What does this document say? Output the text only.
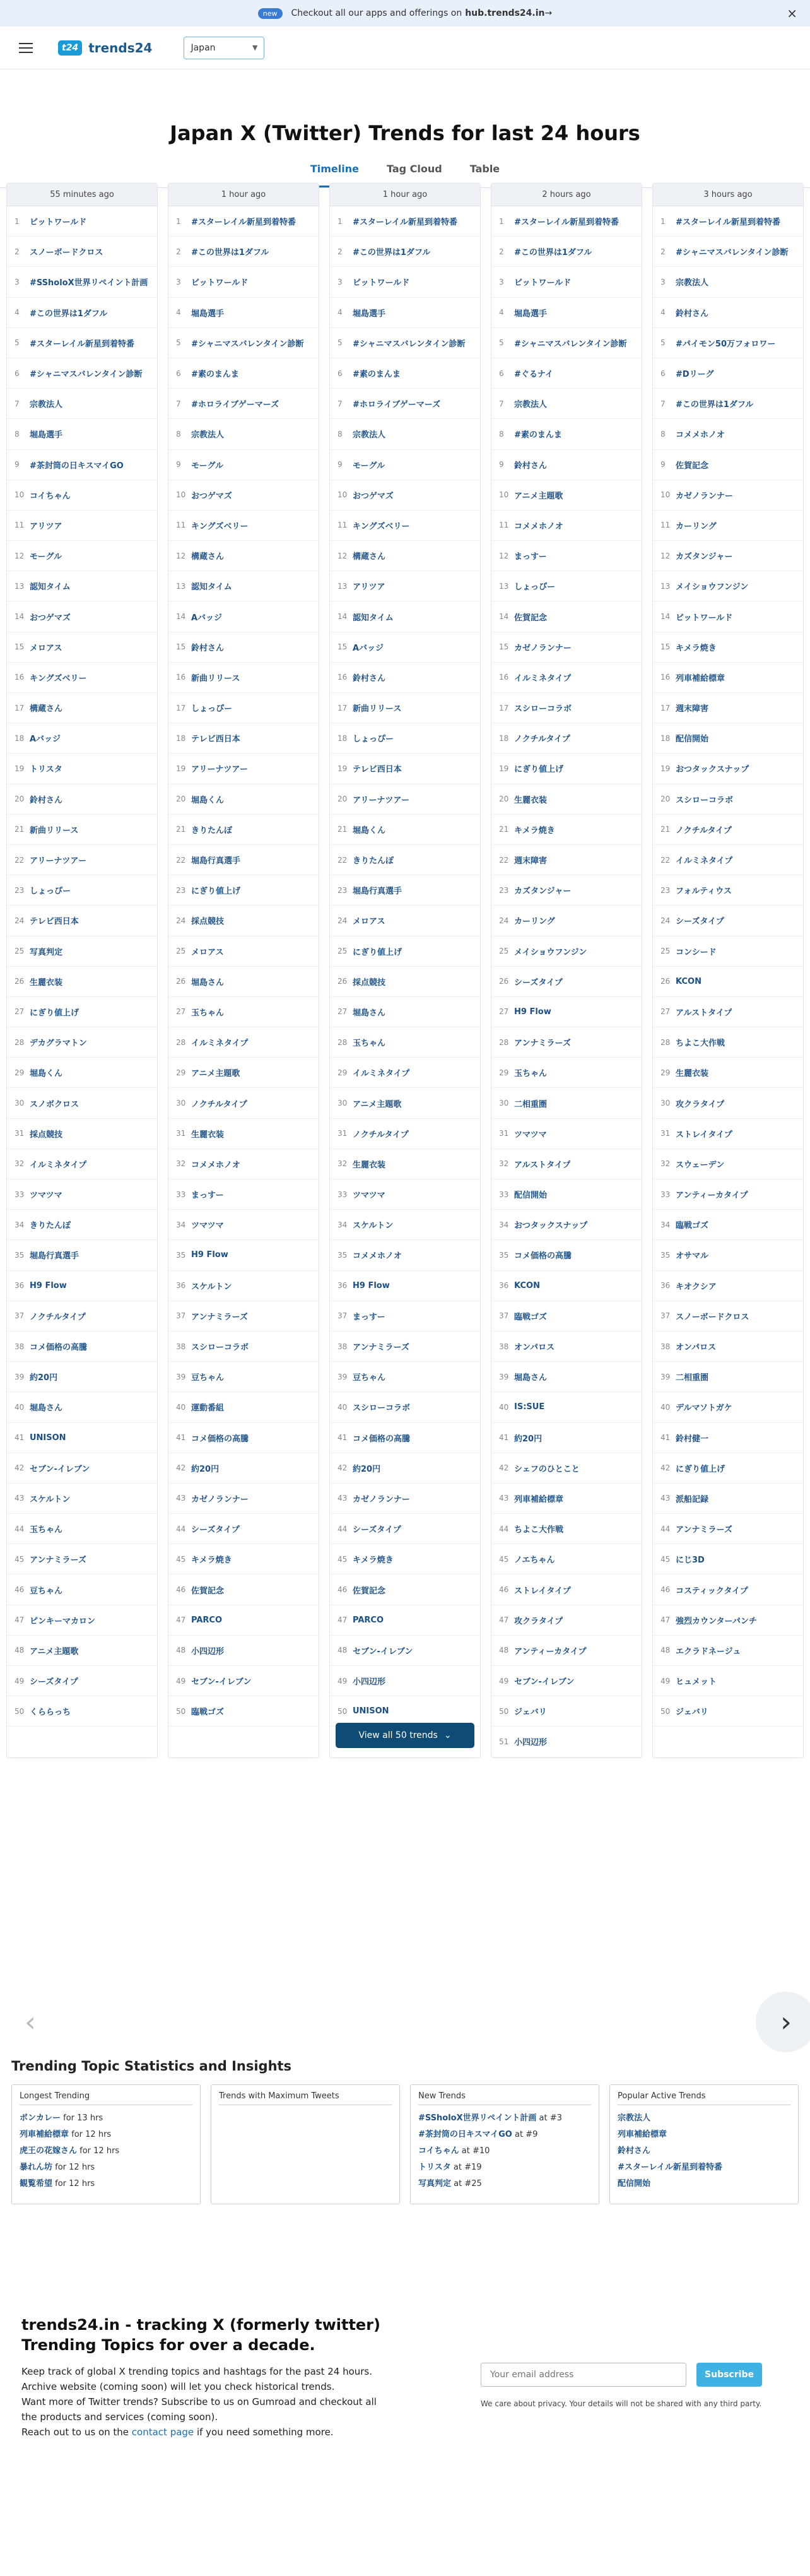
new	Checkout all our apps and offerings on hub.trends24.in →	×
t24 trends24	Japan	▼
Japan X (Twitter) Trends for last 24 hours
Timeline	Tag Cloud	Table
55 minutes ago
1	ビットワールド
2	スノーボードクロス
3	#SSholoX世界リペイント計画
4	#この世界は1ダフル
5	#スターレイル新星到着特番
6	#シャニマスバレンタイン診断
7	宗教法人
8	堀島選手
9	#茶封筒の日キスマイGO
10 コイちゃん
11 アリツア
12 モーグル
13 認知タイム
14 おつゲマズ
15 メロアス
16 キングズベリー
17 構蔵さん
18 Aバッジ
19 トリスタ
20 鈴村さん
21 新曲リリース
22 アリーナツアー
23 しょっぴー
24 テレビ西日本
25 写真判定
26 生麗衣装
27 にぎり値上げ
28 デカグラマトン
29 堀島くん
30 スノボクロス
31 採点競技
32 イルミネタイプ
33 ツマツマ
34 きりたんぽ
35 堀島行真選手
36 H9 Flow
37 ノクチルタイプ
38 コメ価格の高騰
39 約20円
40 堀島さん
41 UNISON
42 セブン-イレブン
43 スケルトン
44 玉ちゃん
45 アンナミラーズ
46 豆ちゃん
47 ピンキーマカロン
48 アニメ主題歌
49 シーズタイプ
50 くららっち
1 hour ago
1	#スターレイル新星到着特番
2	#この世界は1ダフル
3	ビットワールド
4	堀島選手
5	#シャニマスバレンタイン診断
6	#素のまんま
7	#ホロライブゲーマーズ
8	宗教法人
9	モーグル
10 おつゲマズ
11 キングズベリー
12 構蔵さん
13 認知タイム
14 Aバッジ
15 鈴村さん
16 新曲リリース
17 しょっぴー
18 テレビ西日本
19 アリーナツアー
20 堀島くん
21 きりたんぽ
22 堀島行真選手
23 にぎり値上げ
24 採点競技
25 メロアス
26 堀島さん
27 玉ちゃん
28 イルミネタイプ
29 アニメ主題歌
30 ノクチルタイプ
31 生麗衣装
32 コメメホノオ
33 まっすー
34 ツマツマ
35 H9 Flow
36 スケルトン
37 アンナミラーズ
38 スシローコラボ
39 豆ちゃん
40 運動番組
41 コメ価格の高騰
42 約20円
43 カゼノランナー
44 シーズタイプ
45 キメラ焼き
46 佐賀記念
47 PARCO
48 小四辺形
49 セブン-イレブン
50 臨戦ゴズ
1 hour ago
1	#スターレイル新星到着特番
2	#この世界は1ダフル
3	ビットワールド
4	堀島選手
5	#シャニマスバレンタイン診断
6	#素のまんま
7	#ホロライブゲーマーズ
8	宗教法人
9	モーグル
10 おつゲマズ
11 キングズベリー
12 構蔵さん
13 アリツア
14 認知タイム
15 Aバッジ
16 鈴村さん
17 新曲リリース
18 しょっぴー
19 テレビ西日本
20 アリーナツアー
21 堀島くん
22 きりたんぽ
23 堀島行真選手
24 メロアス
25 にぎり値上げ
26 採点競技
27 堀島さん
28 玉ちゃん
29 イルミネタイプ
30 アニメ主題歌
31 ノクチルタイプ
32 生麗衣装
33 ツマツマ
34 スケルトン
35 コメメホノオ
36 H9 Flow
37 まっすー
38 アンナミラーズ
39 豆ちゃん
40 スシローコラボ
41 コメ価格の高騰
42 約20円
43 カゼノランナー
44 シーズタイプ
45 キメラ焼き
46 佐賀記念
47 PARCO
48 セブン-イレブン
49 小四辺形
50 UNISON
2 hours ago
1	#スターレイル新星到着特番
2	#この世界は1ダフル
3	ビットワールド
4	堀島選手
5	#シャニマスバレンタイン診断
6	#ぐるナイ
7	宗教法人
8	#素のまんま
9	鈴村さん
10 アニメ主題歌
11 コメメホノオ
12 まっすー
13 しょっぴー
14 佐賀記念
15 カゼノランナー
16 イルミネタイプ
17 スシローコラボ
18 ノクチルタイプ
19 にぎり値上げ
20 生麗衣装
21 キメラ焼き
22 週末障害
23 カズタンジャー
24 カーリング
25 メイショウフンジン
26 シーズタイプ
27 H9 Flow
28 アンナミラーズ
29 玉ちゃん
30 二相重圏
31 ツマツマ
32 アルストタイプ
33 配信開始
34 おつタックスナップ
35 コメ価格の高騰
36 KCON
37 臨戦ゴズ
38 オンパロス
39 堀島さん
40 IS:SUE
41 約20円
42 シェフのひとこと
43 列車補給標章
44 ちよこ大作戦
45 ノエちゃん
46 ストレイタイプ
47 攻クラタイプ
48 アンティーカタイプ
49 セブン-イレブン
50 ジェバリ
51 小四辺形
3 hours ago
1	#スターレイル新星到着特番
2	#シャニマスバレンタイン診断
3	宗教法人
4	鈴村さん
5	#パイモン50万フォロワー
6	#Dリーグ
7	#この世界は1ダフル
8	コメメホノオ
9	佐賀記念
10 カゼノランナー
11 カーリング
12 カズタンジャー
13 メイショウフンジン
14 ビットワールド
15 キメラ焼き
16 列車補給標章
17 週末障害
18 配信開始
19 おつタックスナップ
20 スシローコラボ
21 ノクチルタイプ
22 イルミネタイプ
23 フォルティウス
24 シーズタイプ
25 コンシード
26 KCON
27 アルストタイプ
28 ちよこ大作戦
29 生麗衣装
30 攻クラタイプ
31 ストレイタイプ
32 スウェーデン
33 アンティーカタイプ
34 臨戦ゴズ
35 オサマル
36 キオクシア
37 スノーボードクロス
38 オンパロス
39 二相重圏
40 デルマソトガケ
41 鈴村健一
42 にぎり値上げ
43 派船記録
44 アンナミラーズ
45 にじ3D
46 コスティックタイプ
47 強烈カウンターパンチ
48 エクラドネージュ
49 ヒュメット
50 ジェバリ
View all 50 trends ⌄
‹	›
Trending Topic Statistics and Insights
Longest Trending
ボンカレー for 13 hrs
列車補給標章 for 12 hrs
虎王の花嫁さん for 12 hrs
暴れん坊 for 12 hrs
観覧希望 for 12 hrs
Trends with Maximum Tweets	New Trends
#SSholoX世界リペイント計画 at #3
#茶封筒の日キスマイGO at #9
コイちゃん at #10
トリスタ at #19
写真判定 at #25
Popular Active Trends
宗教法人
列車補給標章
鈴村さん
#スターレイル新星到着特番
配信開始
trends24.in - tracking X (formerly twitter)
Trending Topics for over a decade.

Keep track of global X trending topics and hashtags for the past 24 hours.

Archive website (coming soon) will let you check historical trends.

Want more of Twitter trends? Subscribe to us on Gumroad and checkout all the products and services (coming soon).

Reach out to us on the contact page if you need something more.

Your email address
Subscribe
We care about privacy. Your details will not be shared with any third party.
